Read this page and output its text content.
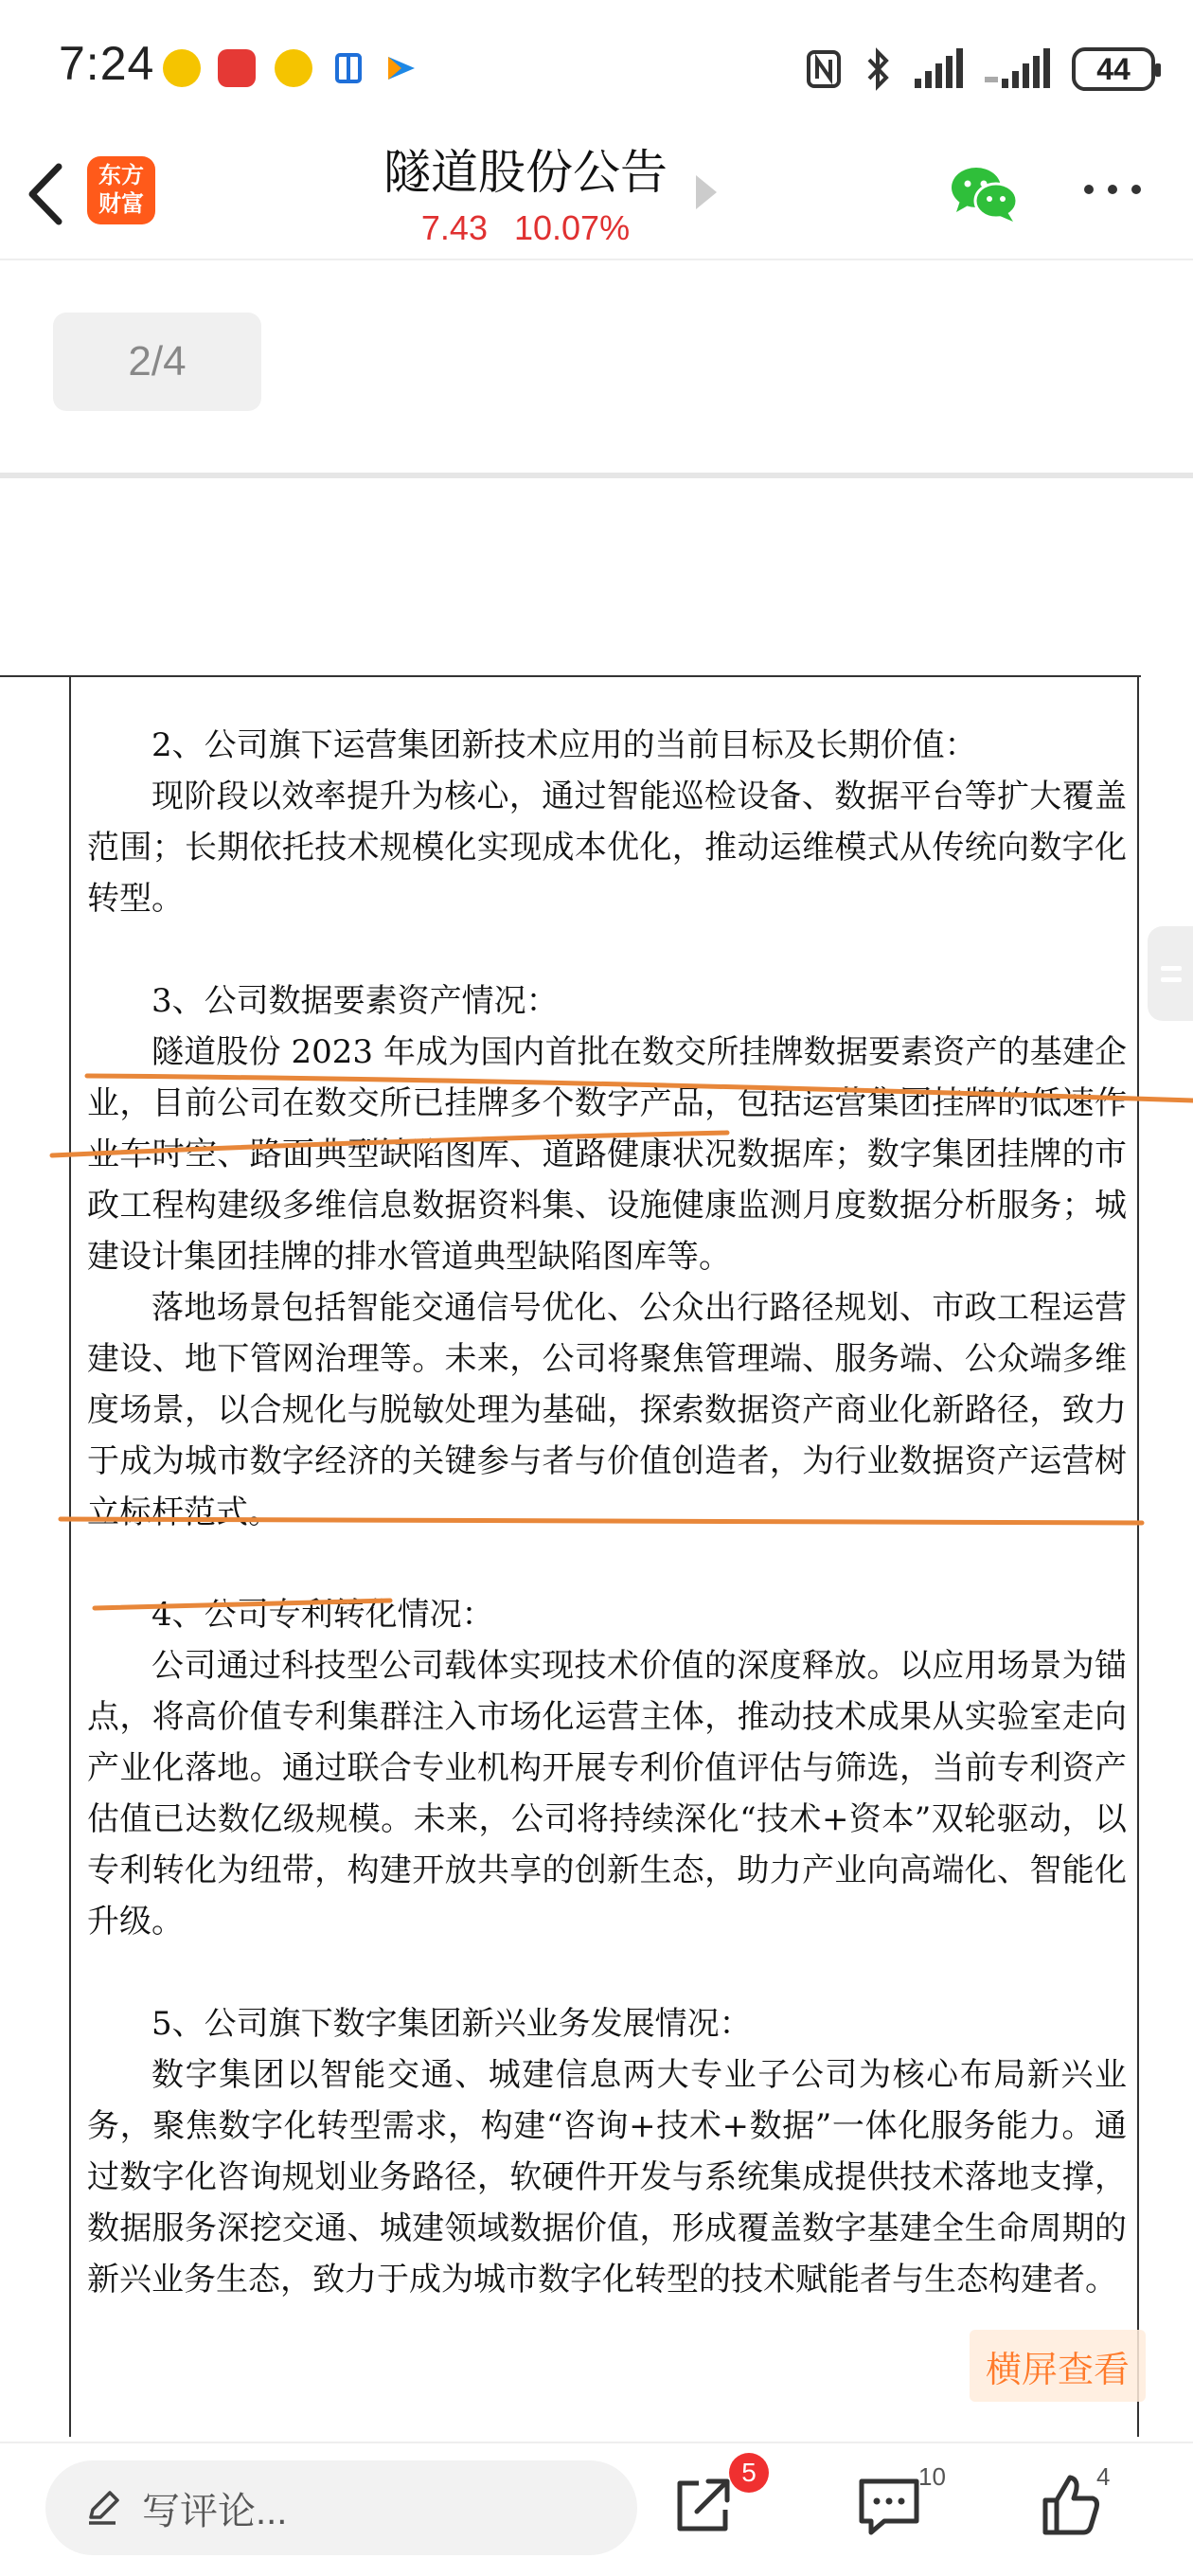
7:24	44
东方
财富
隧道股份公告
7.43 10.07%
2/4

2、公司旗下运营集团新技术应用的当前目标及长期价值：

现阶段以效率提升为核心，通过智能巡检设备、数据平台等扩大覆盖范围；长期依托技术规模化实现成本优化，推动运维模式从传统向数字化转型。

3、公司数据要素资产情况：

隧道股份 2023 年成为国内首批在数交所挂牌数据要素资产的基建企业，目前公司在数交所已挂牌多个数字产品，包括运营集团挂牌的低速作业车时空、路面典型缺陷图库、道路健康状况数据库；数字集团挂牌的市政工程构建级多维信息数据资料集、设施健康监测月度数据分析服务；城建设计集团挂牌的排水管道典型缺陷图库等。

落地场景包括智能交通信号优化、公众出行路径规划、市政工程运营建设、地下管网治理等。未来，公司将聚焦管理端、服务端、公众端多维度场景，以合规化与脱敏处理为基础，探索数据资产商业化新路径，致力于成为城市数字经济的关键参与者与价值创造者，为行业数据资产运营树立标杆范式。

4、公司专利转化情况：

公司通过科技型公司载体实现技术价值的深度释放。以应用场景为锚点，将高价值专利集群注入市场化运营主体，推动技术成果从实验室走向产业化落地。通过联合专业机构开展专利价值评估与筛选，当前专利资产估值已达数亿级规模。未来，公司将持续深化“技术+资本”双轮驱动，以专利转化为纽带，构建开放共享的创新生态，助力产业向高端化、智能化升级。

5、公司旗下数字集团新兴业务发展情况：

数字集团以智能交通、城建信息两大专业子公司为核心布局新兴业务，聚焦数字化转型需求，构建“咨询+技术+数据”一体化服务能力。通过数字化咨询规划业务路径，软硬件开发与系统集成提供技术落地支撑，数据服务深挖交通、城建领域数据价值，形成覆盖数字基建全生命周期的新兴业务生态，致力于成为城市数字化转型的技术赋能者与生态构建者。

横屏查看
写评论...
5	10	4
